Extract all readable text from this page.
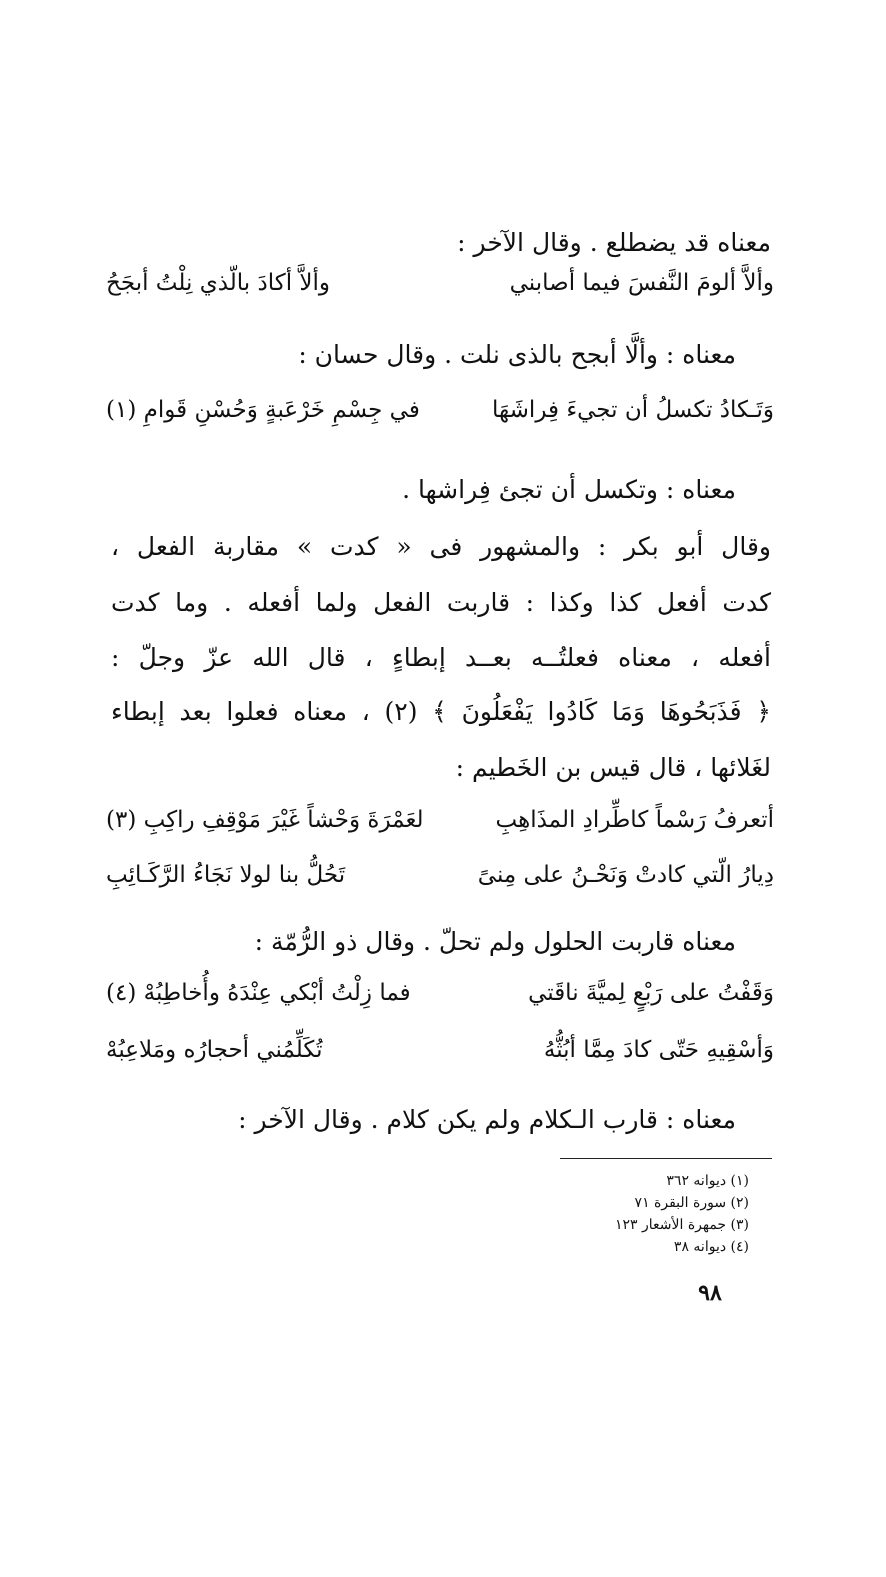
معناه قد يضطلع . وقال الآخر :
وألاَّ ألومَ النَّفسَ فيما أصابني
وألاَّ أكادَ بالّذي نِلْتُ أبجَحُ
معناه : وألَّا أبجح بالذى نلت . وقال حسان :
وَتَـكادُ تكسلُ أن تجيءَ فِراشَهَا
في جِسْمِ خَرْعَبةٍ وَحُسْنِ قَوامِ (١)
معناه : وتكسل أن تجئ فِراشها .
وقال أبو بكر : والمشهور فى « كدت » مقاربة الفعل ،
كدت أفعل كذا وكذا : قاربت الفعل ولما أفعله . وما كدت
أفعله ، معناه فعلتُــه بعــد إبطاءٍ ، قال الله عزّ وجلّ :
﴿ فَذَبَحُوهَا وَمَا كَادُوا يَفْعَلُونَ ﴾ (٢) ، معناه فعلوا بعد إبطاء
لغَلائها ، قال قيس بن الخَطيم :
أتعرفُ رَسْماً كاطِّرادِ المذَاهِبِ
لعَمْرَةَ وَحْشاً غَيْرَ مَوْقِفِ راكِبِ (٣)
دِيارُ الّتي كادتْ وَنَحْـنُ على مِنىً
تَحُلُّ بنا لولا نَجَاءُ الرَّكَـائِبِ
معناه قاربت الحلول ولم تحلّ . وقال ذو الرُّمّة :
وَقَفْتُ على رَبْعٍ لِميَّةَ ناقَتي
فما زِلْتُ أبْكي عِنْدَهُ وأُخاطِبُهْ (٤)
وَأسْقِيهِ حَتّى كادَ مِمَّا أبُثُّهُ
تُكَلِّمُني أحجارُه ومَلاعِبُهْ
معناه : قارب الـكلام ولم يكن كلام . وقال الآخر :
(١) ديوانه ٣٦٢
(٢) سورة البقرة ٧١
(٣) جمهرة الأشعار ١٢٣
(٤) ديوانه ٣٨
٩٨
